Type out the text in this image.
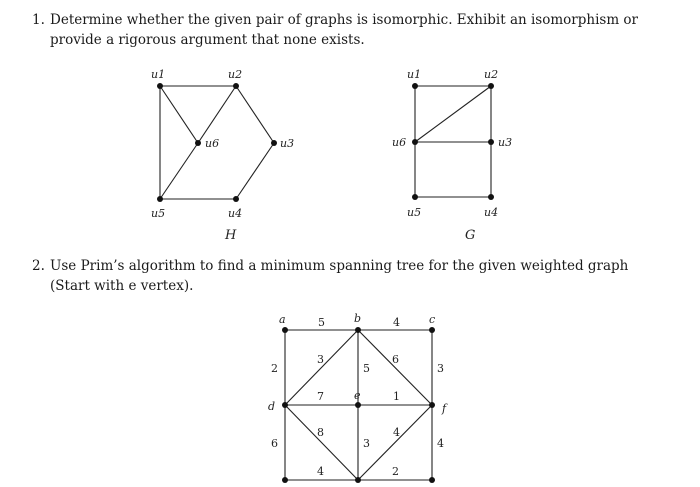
1. Determine whether the given pair of graphs is isomorphic. Exhibit an isomorphism or provide a rigorous argument that none exists.
2. Use Prim’s algorithm to find a minimum spanning tree for the given weighted graph (Start with e vertex).
u1	u2
u3
u4
u5
u6
H
u1	u2
u3
u4
u5
u6
G
a	b	c
d
e
f
5	4
2
3
5
6
3
7	1
8
3
4
6	4
4	2
